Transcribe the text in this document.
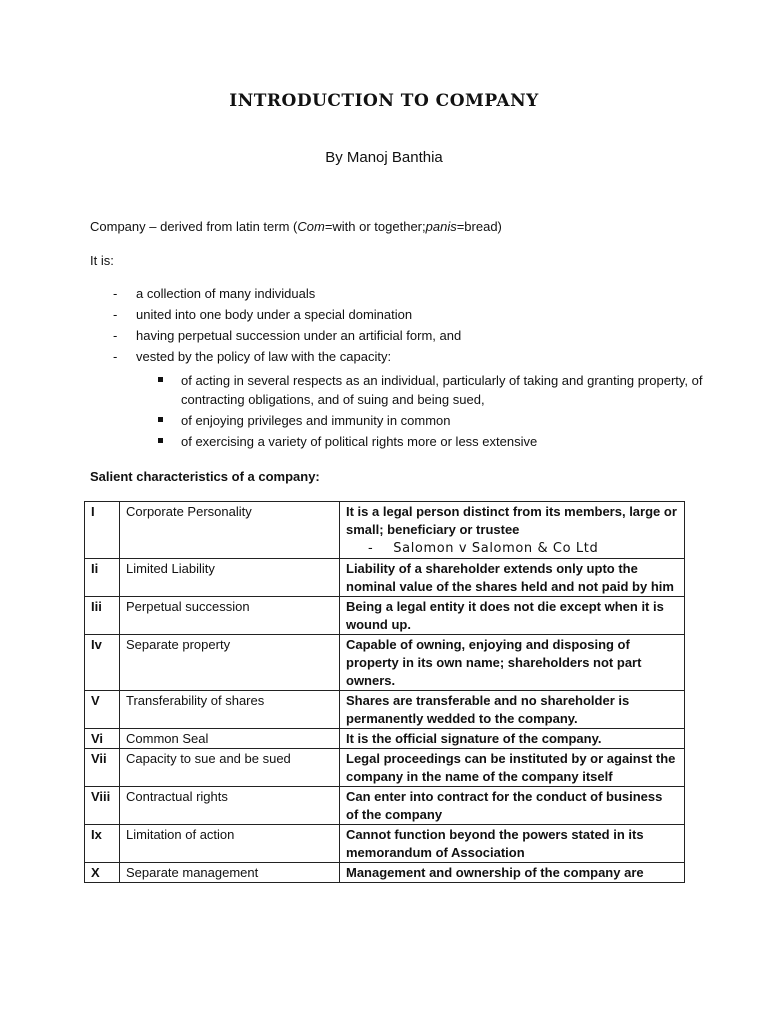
INTRODUCTION TO COMPANY
By Manoj Banthia
Company – derived from latin term (Com=with or together;panis=bread)
It is:
- a collection of many individuals
- united into one body under a special domination
- having perpetual succession under an artificial form, and
- vested by the policy of law with the capacity:
of acting in several respects as an individual, particularly of taking and granting property, of contracting obligations, and of suing and being sued,
of enjoying privileges and immunity in common
of exercising a variety of political rights more or less extensive
Salient characteristics of a company:
I	Corporate Personality	It is a legal person distinct from its members, large or small; beneficiary or trustee
- Salomon v Salomon & Co Ltd

Ii	Limited Liability	Liability of a shareholder extends only upto the nominal value of the shares held and not paid by him
Iii	Perpetual succession	Being a legal entity it does not die except when it is wound up.
Iv	Separate property	Capable of owning, enjoying and disposing of property in its own name; shareholders not part owners.
V	Transferability of shares	Shares are transferable and no shareholder is permanently wedded to the company.
Vi	Common Seal	It is the official signature of the company.
Vii	Capacity to sue and be sued	Legal proceedings can be instituted by or against the company in the name of the company itself
Viii	Contractual rights	Can enter into contract for the conduct of business of the company
Ix	Limitation of action	Cannot function beyond the powers stated in its memorandum of Association
X	Separate management	Management and ownership of the company are
